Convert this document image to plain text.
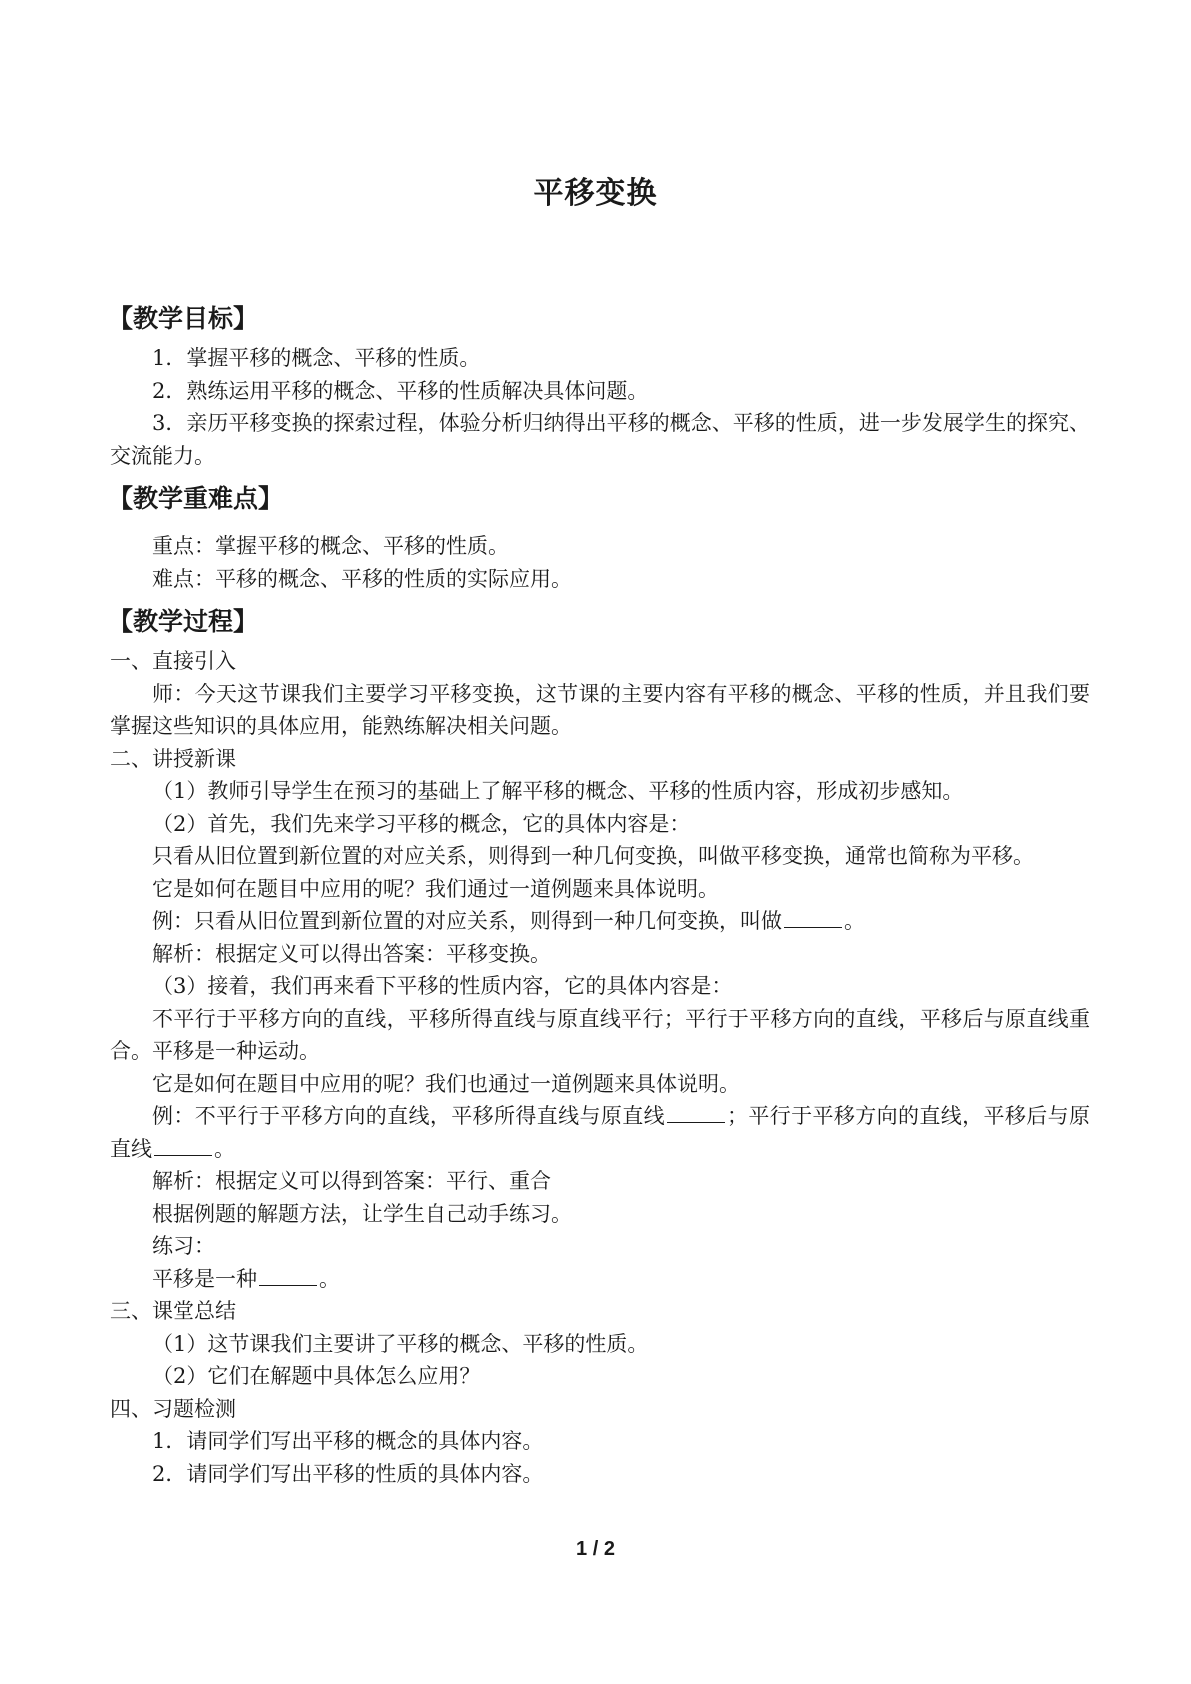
平移变换
【教学目标】
1．掌握平移的概念、平移的性质。
2．熟练运用平移的概念、平移的性质解决具体问题。
3．亲历平移变换的探索过程，体验分析归纳得出平移的概念、平移的性质，进一步发展学生的探究、交流能力。
【教学重难点】
重点：掌握平移的概念、平移的性质。
难点：平移的概念、平移的性质的实际应用。
【教学过程】
一、直接引入
师：今天这节课我们主要学习平移变换，这节课的主要内容有平移的概念、平移的性质，并且我们要掌握这些知识的具体应用，能熟练解决相关问题。
二、讲授新课
（1）教师引导学生在预习的基础上了解平移的概念、平移的性质内容，形成初步感知。
（2）首先，我们先来学习平移的概念，它的具体内容是：
只看从旧位置到新位置的对应关系，则得到一种几何变换，叫做平移变换，通常也简称为平移。
它是如何在题目中应用的呢？我们通过一道例题来具体说明。
例：只看从旧位置到新位置的对应关系，则得到一种几何变换，叫做	。
解析：根据定义可以得出答案：平移变换。
（3）接着，我们再来看下平移的性质内容，它的具体内容是：
不平行于平移方向的直线，平移所得直线与原直线平行；平行于平移方向的直线，平移后与原直线重合。平移是一种运动。
它是如何在题目中应用的呢？我们也通过一道例题来具体说明。
例：不平行于平移方向的直线，平移所得直线与原直线	；平行于平移方向的直线，平移后与原直线	。
解析：根据定义可以得到答案：平行、重合
根据例题的解题方法，让学生自己动手练习。
练习：
平移是一种	。
三、课堂总结
（1）这节课我们主要讲了平移的概念、平移的性质。
（2）它们在解题中具体怎么应用？
四、习题检测
1．请同学们写出平移的概念的具体内容。
2．请同学们写出平移的性质的具体内容。
1 / 2
